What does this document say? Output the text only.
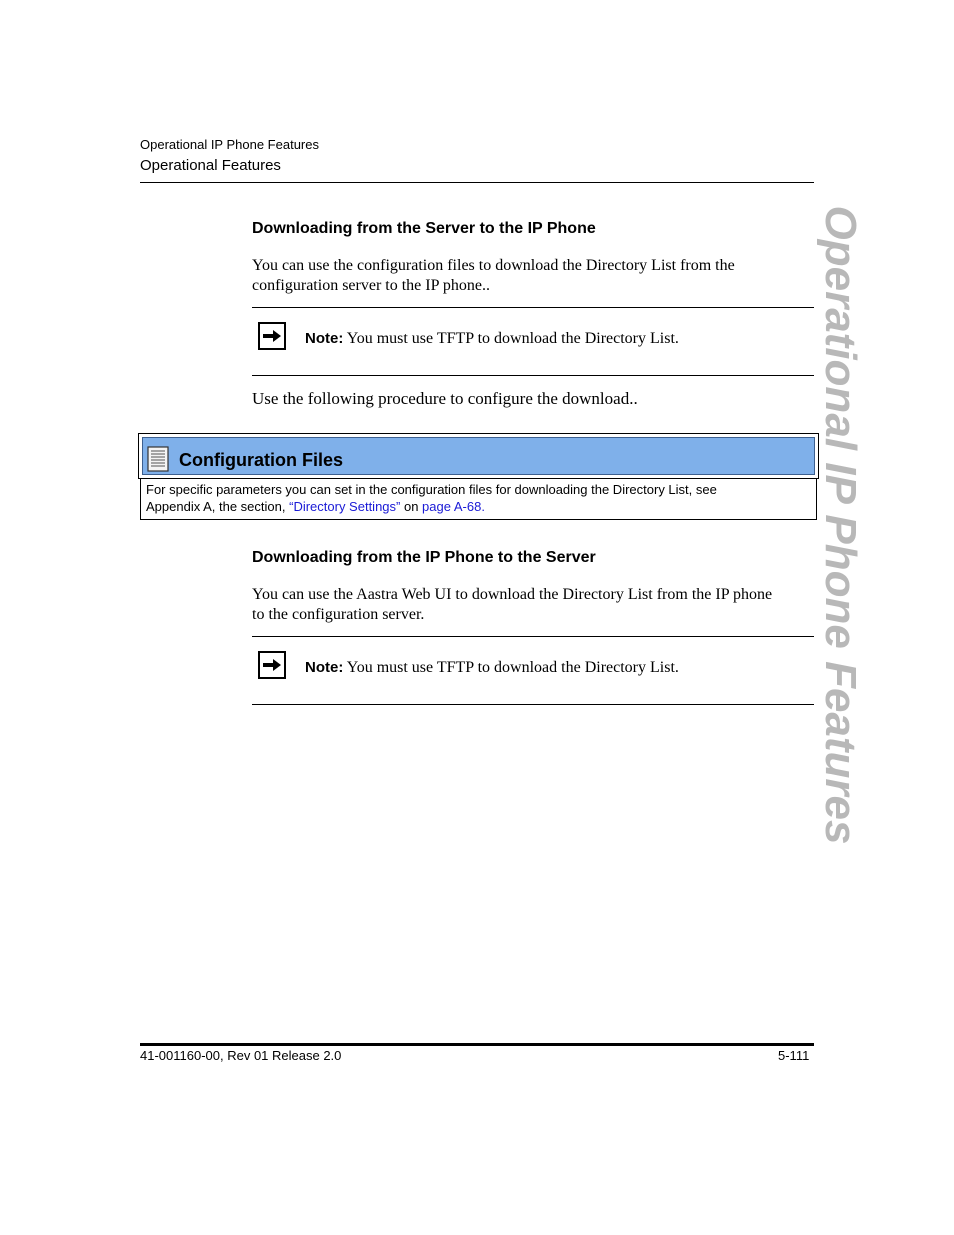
Operational IP Phone Features
Operational Features
Downloading from the Server to the IP Phone
You can use the configuration files to download the Directory List from the
configuration server to the IP phone..
Note: You must use TFTP to download the Directory List.
Use the following procedure to configure the download..
Configuration Files
For specific parameters you can set in the configuration files for downloading the Directory List, see
Appendix A, the section, “Directory Settings” on page A-68.
Downloading from the IP Phone to the Server
You can use the Aastra Web UI to download the Directory List from the IP phone
to the configuration server.
Note: You must use TFTP to download the Directory List.	Operational IP Phone Features
41-001160-00, Rev 01 Release 2.0	5-111
